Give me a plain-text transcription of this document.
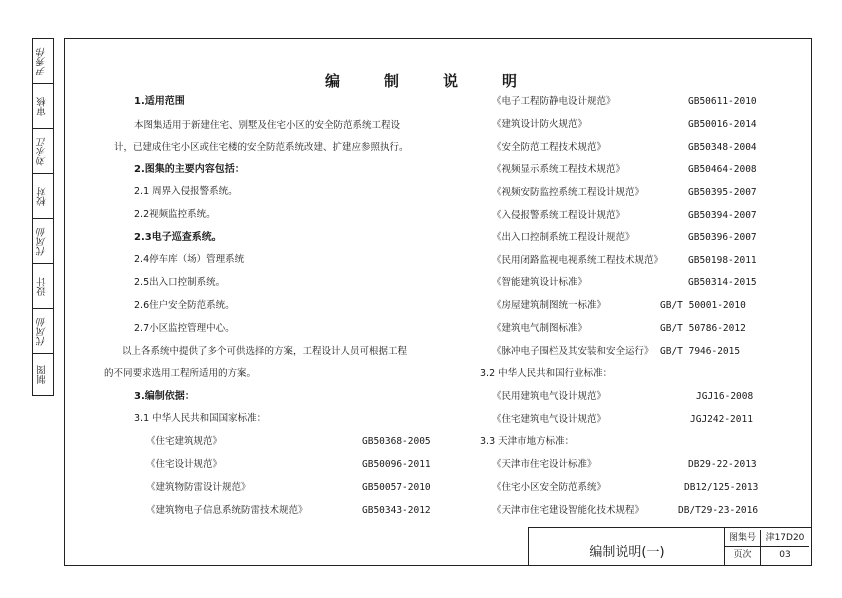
尹秀伟
审核
刘永江
校对
代凤仙
设计
代凤仙
制图
编	制	说	明
1.适用范围
本图集适用于新建住宅、别墅及住宅小区的安全防范系统工程设
计，已建成住宅小区或住宅楼的安全防范系统改建、扩建应参照执行。
2.图集的主要内容包括：
2.1 周界入侵报警系统。
2.2视频监控系统。
2.3电子巡查系统。
2.4停车库（场）管理系统
2.5出入口控制系统。
2.6住户安全防范系统。
2.7小区监控管理中心。
以上各系统中提供了多个可供选择的方案，工程设计人员可根据工程
的不同要求选用工程所适用的方案。
3.编制依据：
3.1 中华人民共和国国家标准：
《住宅建筑规范》	GB50368-2005
《住宅设计规范》	GB50096-2011
《建筑物防雷设计规范》	GB50057-2010
《建筑物电子信息系统防雷技术规范》	GB50343-2012
《电子工程防静电设计规范》	GB50611-2010
《建筑设计防火规范》	GB50016-2014
《安全防范工程技术规范》	GB50348-2004
《视频显示系统工程技术规范》	GB50464-2008
《视频安防监控系统工程设计规范》	GB50395-2007
《入侵报警系统工程设计规范》	GB50394-2007
《出入口控制系统工程设计规范》	GB50396-2007
《民用闭路监视电视系统工程技术规范》	GB50198-2011
《智能建筑设计标准》	GB50314-2015
《房屋建筑制图统一标准》	GB/T 50001-2010
《建筑电气制图标准》	GB/T 50786-2012
《脉冲电子围栏及其安装和安全运行》 GB/T 7946-2015
3.2 中华人民共和国行业标准：
《民用建筑电气设计规范》	JGJ16-2008
《住宅建筑电气设计规范》	JGJ242-2011
3.3 天津市地方标准：
《天津市住宅设计标准》	DB29-22-2013
《住宅小区安全防范系统》	DB12/125-2013
《天津市住宅建设智能化技术规程》	DB/T29-23-2016
编制说明(一)
图集号	津17D20
页次	03
